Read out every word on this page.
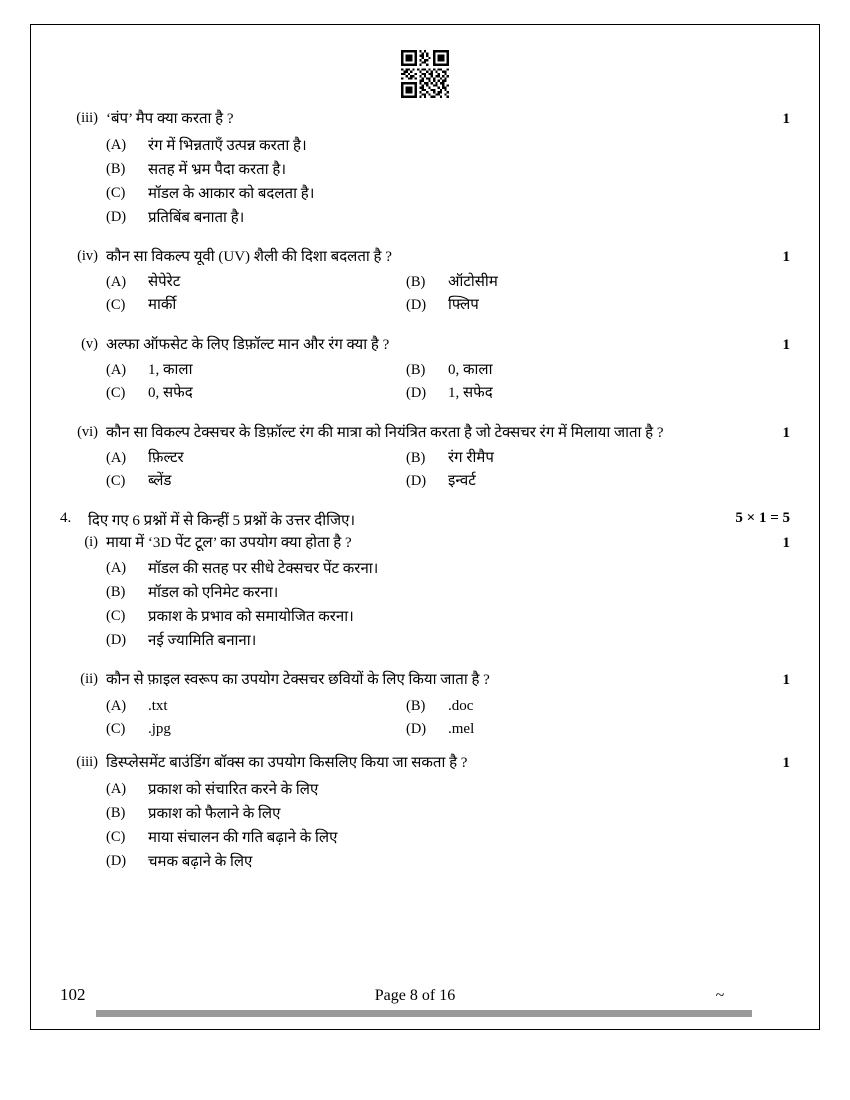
(iii) ‘बंप’ मैप क्या करता है ?	1
(A)	रंग में भिन्नताएँ उत्पन्न करता है।
(B)	सतह में भ्रम पैदा करता है।
(C)	मॉडल के आकार को बदलता है।
(D)	प्रतिबिंब बनाता है।
(iv) कौन सा विकल्प यूवी (UV) शैली की दिशा बदलता है ?	1
(A)	सेपेरेट	(B)	ऑटोसीम
(C)	मार्की	(D)	फ्लिप
(v) अल्फा ऑफसेट के लिए डिफ़ॉल्ट मान और रंग क्या है ?	1
(A)	1, काला	(B)	0, काला
(C)	0, सफेद	(D)	1, सफेद
(vi) कौन सा विकल्प टेक्सचर के डिफ़ॉल्ट रंग की मात्रा को नियंत्रित करता है जो टेक्सचर रंग में मिलाया जाता है ?	1
(A)	फ़िल्टर	(B)	रंग रीमैप
(C)	ब्लेंड	(D)	इन्वर्ट
4.	दिए गए 6 प्रश्नों में से किन्हीं 5 प्रश्नों के उत्तर दीजिए।	5 × 1 = 5
(i) माया में ‘3D पेंट टूल’ का उपयोग क्या होता है ?	1
(A)	मॉडल की सतह पर सीधे टेक्सचर पेंट करना।
(B)	मॉडल को एनिमेट करना।
(C)	प्रकाश के प्रभाव को समायोजित करना।
(D)	नई ज्यामिति बनाना।
(ii) कौन से फ़ाइल स्वरूप का उपयोग टेक्सचर छवियों के लिए किया जाता है ?	1
(A)	.txt	(B)	.doc
(C)	.jpg	(D)	.mel
(iii) डिस्प्लेसमेंट बाउंडिंग बॉक्स का उपयोग किसलिए किया जा सकता है ?	1
(A)	प्रकाश को संचारित करने के लिए
(B)	प्रकाश को फैलाने के लिए
(C)	माया संचालन की गति बढ़ाने के लिए
(D)	चमक बढ़ाने के लिए
102	Page 8 of 16	~
